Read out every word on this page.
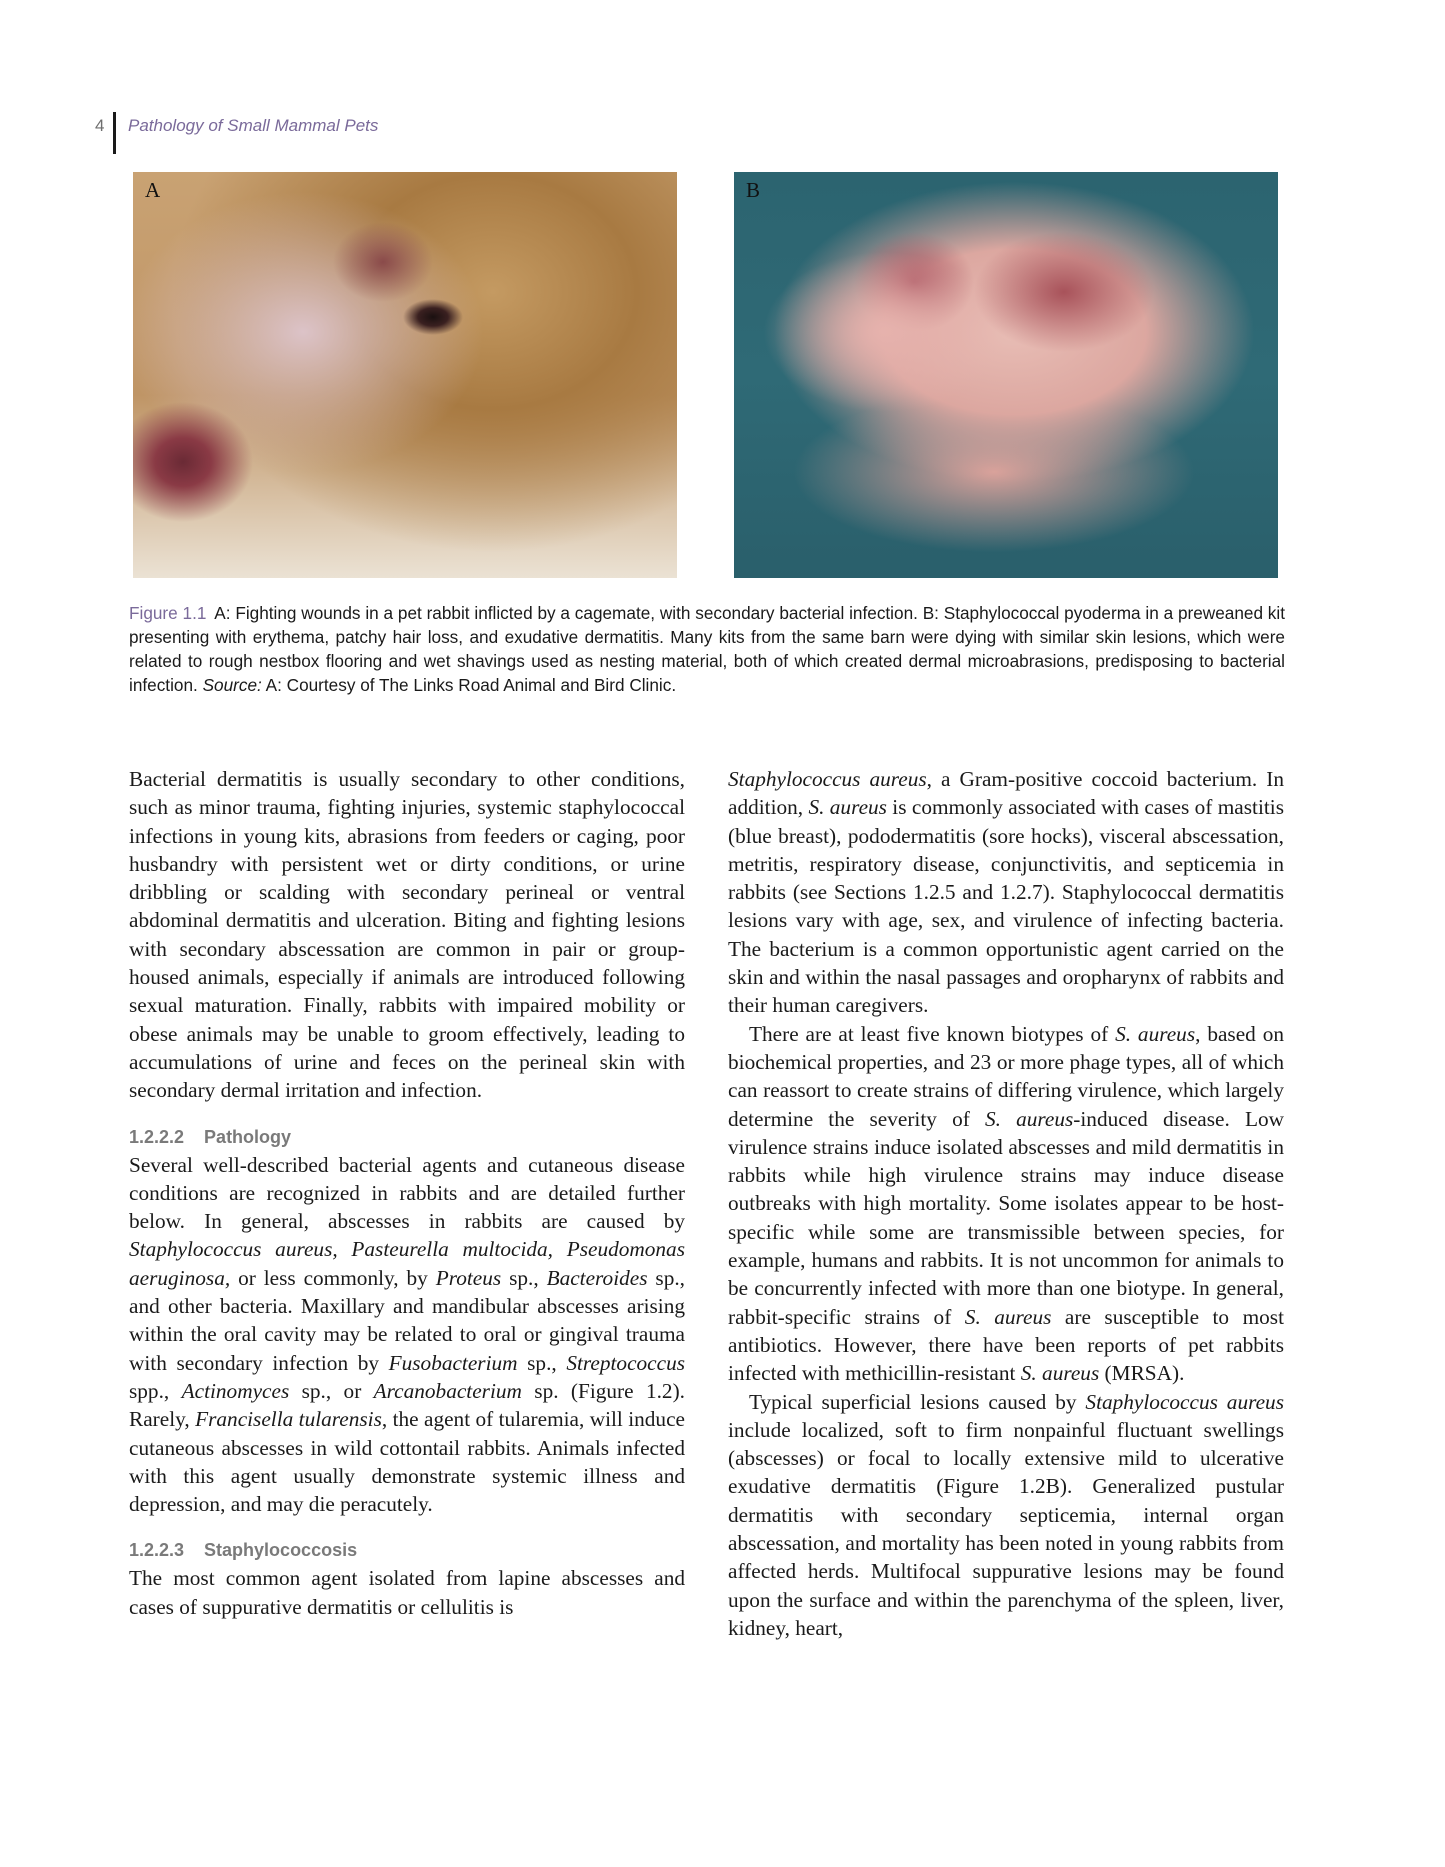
4 Pathology of Small Mammal Pets
A	B

Figure 1.1 A: Fighting wounds in a pet rabbit inflicted by a cagemate, with secondary bacterial infection. B: Staphylococcal pyoderma in a preweaned kit presenting with erythema, patchy hair loss, and exudative dermatitis. Many kits from the same barn were dying with similar skin lesions, which were related to rough nestbox flooring and wet shavings used as nesting material, both of which created dermal microabrasions, predisposing to bacterial infection. Source: A: Courtesy of The Links Road Animal and Bird Clinic.

Bacterial dermatitis is usually secondary to other conditions, such as minor trauma, fighting injuries, systemic staphylococcal infections in young kits, abrasions from feeders or caging, poor husbandry with persistent wet or dirty conditions, or urine dribbling or scalding with secondary perineal or ventral abdominal dermatitis and ulceration. Biting and fighting lesions with secondary abscessation are common in pair or group-housed animals, especially if animals are introduced following sexual maturation. Finally, rabbits with impaired mobility or obese animals may be unable to groom effectively, leading to accumulations of urine and feces on the perineal skin with secondary dermal irritation and infection.

1.2.2.2 Pathology

Several well-described bacterial agents and cutaneous disease conditions are recognized in rabbits and are detailed further below. In general, abscesses in rabbits are caused by Staphylococcus aureus, Pasteurella multocida, Pseudomonas aeruginosa, or less commonly, by Proteus sp., Bacteroides sp., and other bacteria. Maxillary and mandibular abscesses arising within the oral cavity may be related to oral or gingival trauma with secondary infection by Fusobacterium sp., Streptococcus spp., Actinomyces sp., or Arcanobacterium sp. (Figure 1.2). Rarely, Francisella tularensis, the agent of tularemia, will induce cutaneous abscesses in wild cottontail rabbits. Animals infected with this agent usually demonstrate systemic illness and depression, and may die peracutely.

1.2.2.3 Staphylococcosis

The most common agent isolated from lapine abscesses and cases of suppurative dermatitis or cellulitis is

Staphylococcus aureus, a Gram-positive coccoid bacterium. In addition, S. aureus is commonly associated with cases of mastitis (blue breast), pododermatitis (sore hocks), visceral abscessation, metritis, respiratory disease, conjunctivitis, and septicemia in rabbits (see Sections 1.2.5 and 1.2.7). Staphylococcal dermatitis lesions vary with age, sex, and virulence of infecting bacteria. The bacterium is a common opportunistic agent carried on the skin and within the nasal passages and oropharynx of rabbits and their human caregivers.

There are at least five known biotypes of S. aureus, based on biochemical properties, and 23 or more phage types, all of which can reassort to create strains of differing virulence, which largely determine the severity of S. aureus-induced disease. Low virulence strains induce isolated abscesses and mild dermatitis in rabbits while high virulence strains may induce disease outbreaks with high mortality. Some isolates appear to be host-specific while some are transmissible between species, for example, humans and rabbits. It is not uncommon for animals to be concurrently infected with more than one biotype. In general, rabbit-specific strains of S. aureus are susceptible to most antibiotics. However, there have been reports of pet rabbits infected with methicillin-resistant S. aureus (MRSA).

Typical superficial lesions caused by Staphylococcus aureus include localized, soft to firm nonpainful fluctuant swellings (abscesses) or focal to locally extensive mild to ulcerative exudative dermatitis (Figure 1.2B). Generalized pustular dermatitis with secondary septicemia, internal organ abscessation, and mortality has been noted in young rabbits from affected herds. Multifocal suppurative lesions may be found upon the surface and within the parenchyma of the spleen, liver, kidney, heart,
